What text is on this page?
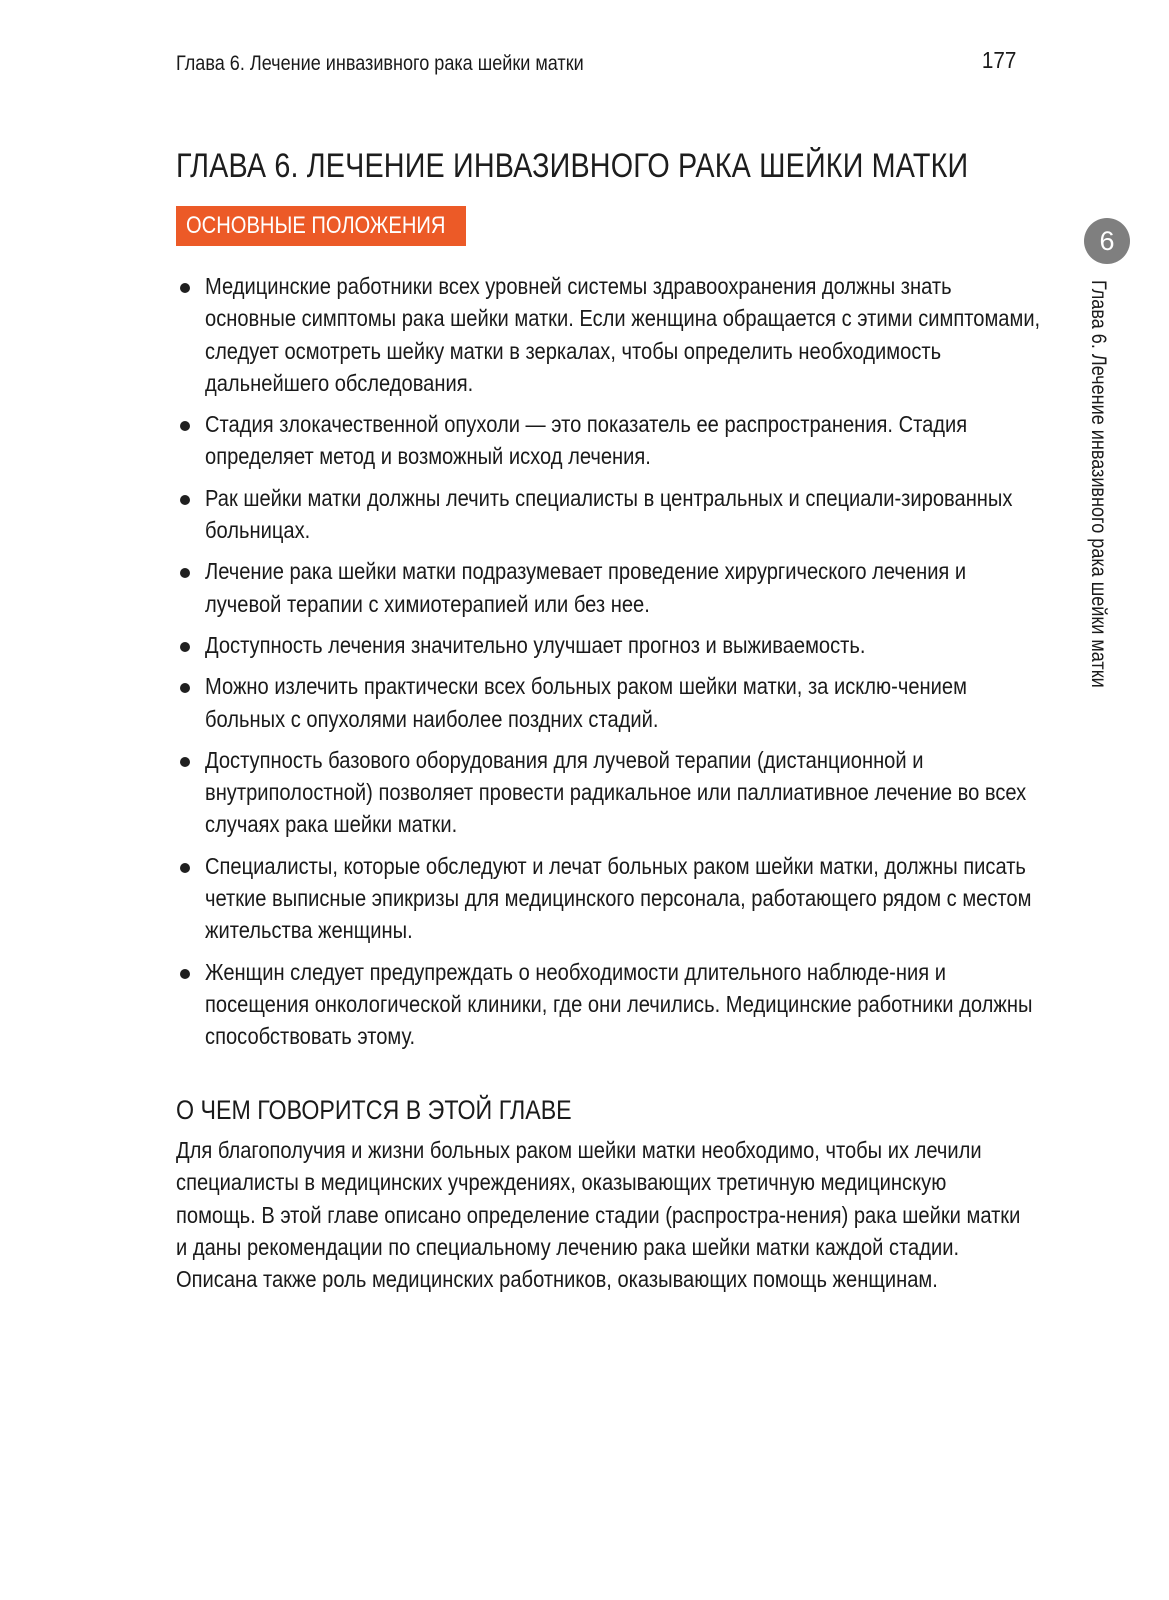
Глава 6. Лечение инвазивного рака шейки матки	177
ГЛАВА 6. ЛЕЧЕНИЕ ИНВАЗИВНОГО РАКА ШЕЙКИ МАТКИ
ОСНОВНЫЕ ПОЛОЖЕНИЯ
6
Глава 6. Лечение инвазивного рака шейки матки
Медицинские работники всех уровней системы здравоохранения должны знать основные симптомы рака шейки матки. Если женщина обращается с этими симптомами, следует осмотреть шейку матки в зеркалах, чтобы определить необходимость дальнейшего обследования.
Стадия злокачественной опухоли — это показатель ее распространения. Стадия определяет метод и возможный исход лечения.
Рак шейки матки должны лечить специалисты в центральных и специали-зированных больницах.
Лечение рака шейки матки подразумевает проведение хирургического лечения и лучевой терапии с химиотерапией или без нее.
Доступность лечения значительно улучшает прогноз и выживаемость.
Можно излечить практически всех больных раком шейки матки, за исклю-чением больных с опухолями наиболее поздних стадий.
Доступность базового оборудования для лучевой терапии (дистанционной и внутриполостной) позволяет провести радикальное или паллиативное лечение во всех случаях рака шейки матки.
Специалисты, которые обследуют и лечат больных раком шейки матки, должны писать четкие выписные эпикризы для медицинского персонала, работающего рядом с местом жительства женщины.
Женщин следует предупреждать о необходимости длительного наблюде-ния и посещения онкологической клиники, где они лечились. Медицинские работники должны способствовать этому.
О ЧЕМ ГОВОРИТСЯ В ЭТОЙ ГЛАВЕ

Для благополучия и жизни больных раком шейки матки необходимо, чтобы их лечили специалисты в медицинских учреждениях, оказывающих третичную медицинскую помощь. В этой главе описано определение стадии (распростра-нения) рака шейки матки и даны рекомендации по специальному лечению рака шейки матки каждой стадии. Описана также роль медицинских работников, оказывающих помощь женщинам.
